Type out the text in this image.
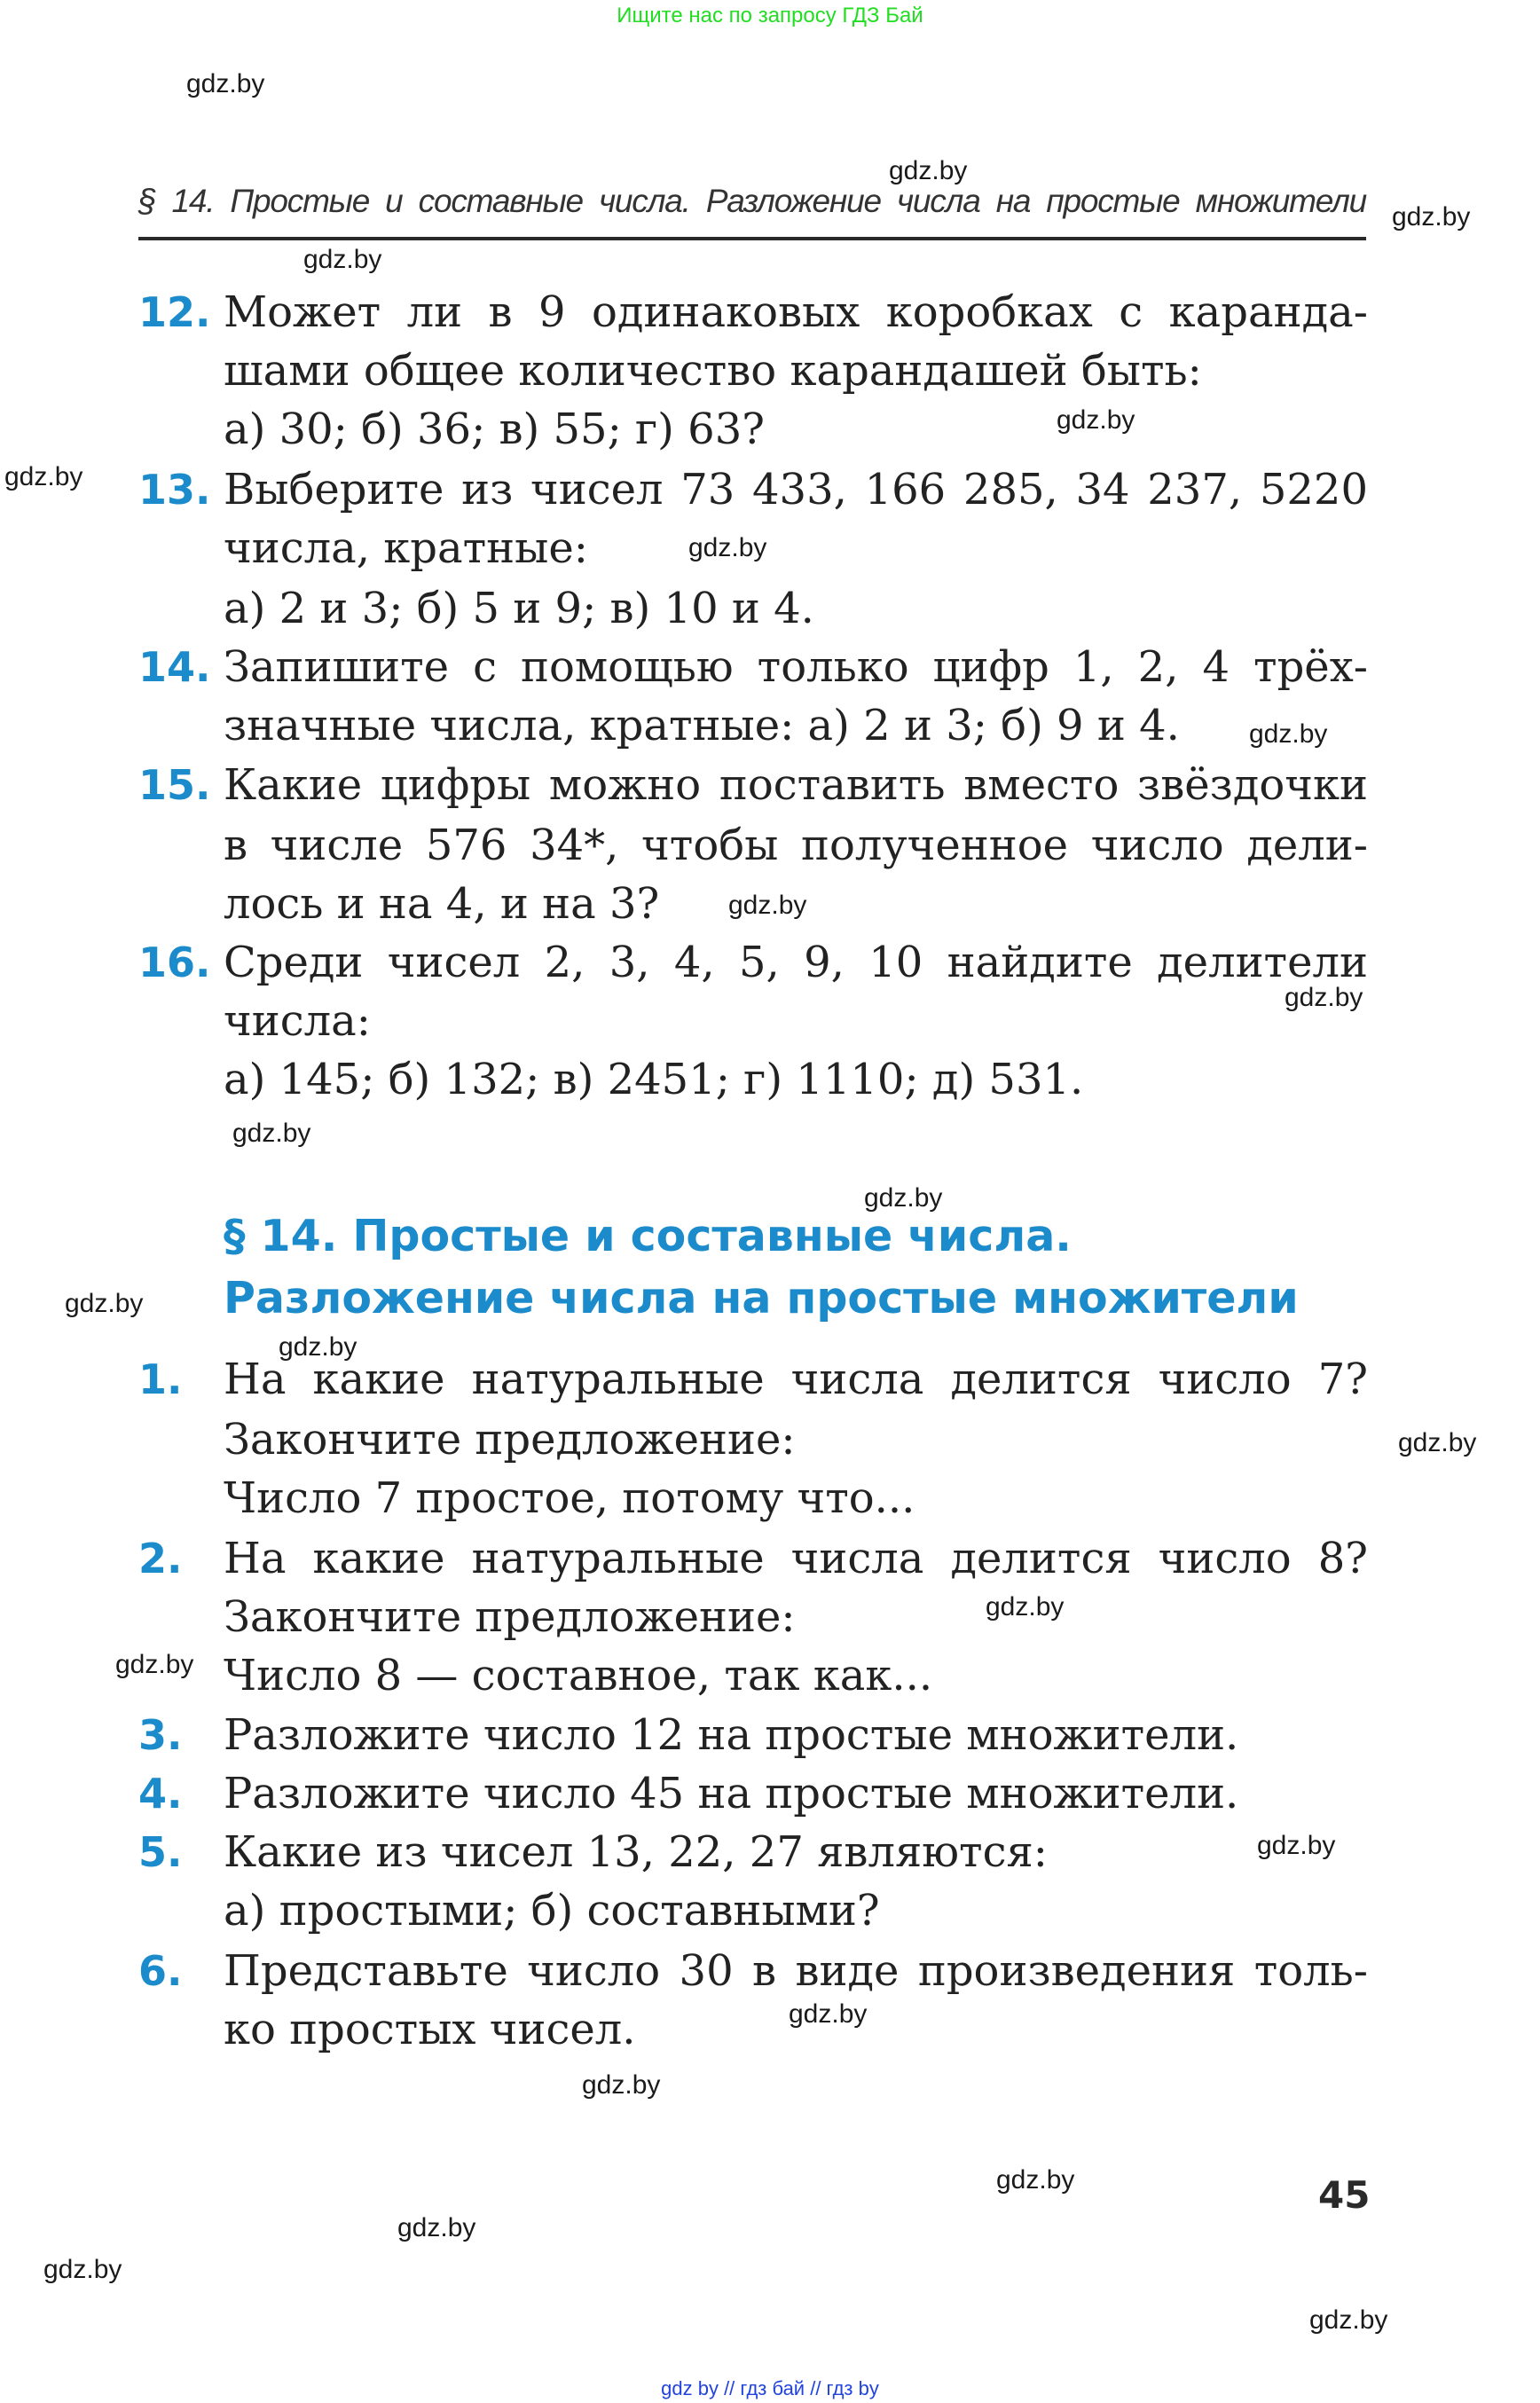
Ищите нас по запросу ГДЗ Бай
§ 14. Простые и составные числа. Разложение числа на простые множители
§ 14. Простые и составные числа.
Разложение числа на простые множители
45
gdz by // гдз бай // гдз by
12. Может ли в 9 одинаковых коробках с каранда-
шами общее количество карандашей быть:
а) 30; б) 36; в) 55; г) 63?
13. Выберите из чисел 73 433, 166 285, 34 237, 5220
числа, кратные:
а) 2 и 3; б) 5 и 9; в) 10 и 4.
14. Запишите с помощью только цифр 1, 2, 4 трёх-
значные числа, кратные: а) 2 и 3; б) 9 и 4.
15. Какие цифры можно поставить вместо звёздочки
в числе 576 34*, чтобы полученное число дели-
лось и на 4, и на 3?
16. Среди чисел 2, 3, 4, 5, 9, 10 найдите делители
числа:
а) 145; б) 132; в) 2451; г) 1110; д) 531.
1. На какие натуральные числа делится число 7?
Закончите предложение:
Число 7 простое, потому что...
2. На какие натуральные числа делится число 8?
Закончите предложение:
Число 8 — составное, так как...
3. Разложите число 12 на простые множители.
4. Разложите число 45 на простые множители.
5. Какие из чисел 13, 22, 27 являются:
а) простыми; б) составными?
6. Представьте число 30 в виде произведения толь-
ко простых чисел.
gdz.by
gdz.by
gdz.by
gdz.by
gdz.by
gdz.by
gdz.by
gdz.by
gdz.by
gdz.by
gdz.by
gdz.by
gdz.by
gdz.by
gdz.by
gdz.by
gdz.by
gdz.by
gdz.by
gdz.by
gdz.by
gdz.by
gdz.by
gdz.by
